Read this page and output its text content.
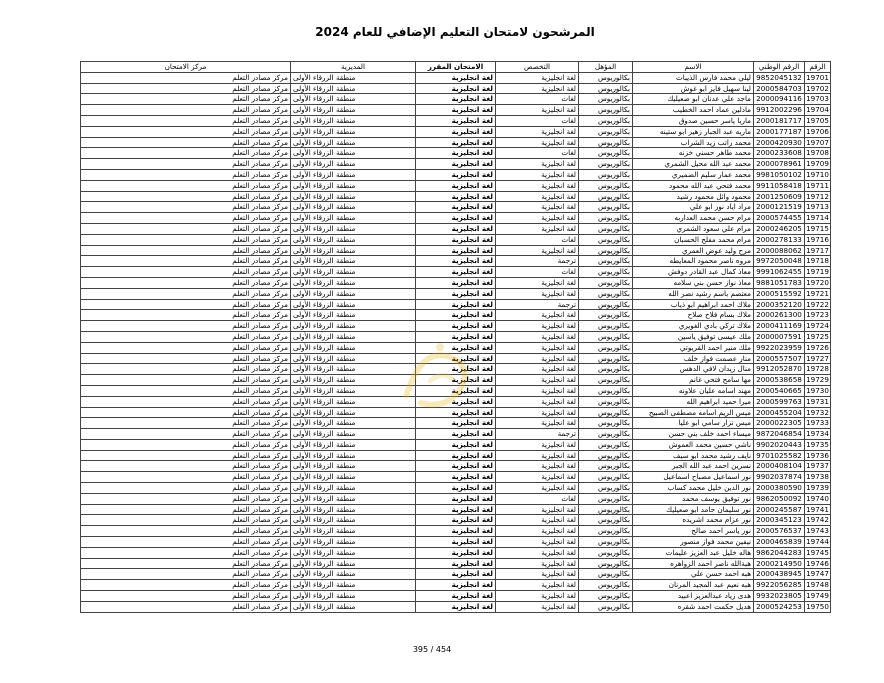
المرشحون لامتحان التعليم الإضافي للعام 2024
الرقم	الرقم الوطني	الاسم	المؤهل	التخصص	الامتحان المقرر	المديرية	مركز الامتحان
19701	9852045132	ليلي محمد فارس الذيبات	بكالوريوس	لغة انجليزية	لغة انجليزية	منطقة الزرقاء الأولى	مركز مصادر التعلم
19702	2000584703	لينا سهيل فايز ابو غوش	بكالوريوس	لغة انجليزية	لغة انجليزية	منطقة الزرقاء الأولى	مركز مصادر التعلم
19703	2000094116	ماجد علي عدنان ابو صعيليك	بكالوريوس	لغات	لغة انجليزية	منطقة الزرقاء الأولى	مركز مصادر التعلم
19704	9912002296	مادلين عماد احمد الخطيب	بكالوريوس	لغة انجليزية	لغة انجليزية	منطقة الزرقاء الأولى	مركز مصادر التعلم
19705	2000181717	ماريا ياسر حسين صدوق	بكالوريوس	لغات	لغة انجليزية	منطقة الزرقاء الأولى	مركز مصادر التعلم
19706	2000177187	ماريه عبد الجبار زهير ابو ستينه	بكالوريوس	لغة انجليزية	لغة انجليزية	منطقة الزرقاء الأولى	مركز مصادر التعلم
19707	2000420930	محمد راتب زيد الشراب	بكالوريوس	لغة انجليزية	لغة انجليزية	منطقة الزرقاء الأولى	مركز مصادر التعلم
19708	2000233608	محمد طاهر حسني خزنه	بكالوريوس	لغات	لغة انجليزية	منطقة الزرقاء الأولى	مركز مصادر التعلم
19709	2000078961	محمد عبد الله محيل الشمري	بكالوريوس	لغة انجليزية	لغة انجليزية	منطقة الزرقاء الأولى	مركز مصادر التعلم
19710	9981050102	محمد عمار سليم الضميري	بكالوريوس	لغة انجليزية	لغة انجليزية	منطقة الزرقاء الأولى	مركز مصادر التعلم
19711	9911058418	محمد فتحي عبد الله محمود	بكالوريوس	لغة انجليزية	لغة انجليزية	منطقة الزرقاء الأولى	مركز مصادر التعلم
19712	2001250609	محمود وائل محمود رشيد	بكالوريوس	لغة انجليزية	لغة انجليزية	منطقة الزرقاء الأولى	مركز مصادر التعلم
19713	2000121519	مراد اياد نور ابو علي	بكالوريوس	لغة انجليزية	لغة انجليزية	منطقة الزرقاء الأولى	مركز مصادر التعلم
19714	2000574455	مرام حسن محمد العداربه	بكالوريوس	لغة انجليزية	لغة انجليزية	منطقة الزرقاء الأولى	مركز مصادر التعلم
19715	2000246205	مرام علي سعود الشمري	بكالوريوس	لغة انجليزية	لغة انجليزية	منطقة الزرقاء الأولى	مركز مصادر التعلم
19716	2000278133	مرام محمد مفلح الحسبان	بكالوريوس	لغات	لغة انجليزية	منطقة الزرقاء الأولى	مركز مصادر التعلم
19717	2000088062	مرح وليد عوض العمري	بكالوريوس	لغة انجليزية	لغة انجليزية	منطقة الزرقاء الأولى	مركز مصادر التعلم
19718	9972050048	مروه ناصر محمود المعايطه	بكالوريوس	ترجمة	لغة انجليزية	منطقة الزرقاء الأولى	مركز مصادر التعلم
19719	9991062455	معاذ كمال عبد القادر دوفش	بكالوريوس	لغات	لغة انجليزية	منطقة الزرقاء الأولى	مركز مصادر التعلم
19720	9881051783	معاذ نواز حسن بني سلامه	بكالوريوس	لغة انجليزية	لغة انجليزية	منطقة الزرقاء الأولى	مركز مصادر التعلم
19721	2000515592	معتصم باسم رشيد نصر الله	بكالوريوس	لغة انجليزية	لغة انجليزية	منطقة الزرقاء الأولى	مركز مصادر التعلم
19722	2000352120	ملاك احمد ابراهيم ابو ذياب	بكالوريوس	ترجمة	لغة انجليزية	منطقة الزرقاء الأولى	مركز مصادر التعلم
19723	2000261300	ملاك بسام فلاح صلاح	بكالوريوس	لغة انجليزية	لغة انجليزية	منطقة الزرقاء الأولى	مركز مصادر التعلم
19724	2000411169	ملاك تركي بادي الغويري	بكالوريوس	لغة انجليزية	لغة انجليزية	منطقة الزرقاء الأولى	مركز مصادر التعلم
19725	2000007591	ملك عيسى توفيق ياسين	بكالوريوس	لغة انجليزية	لغة انجليزية	منطقة الزرقاء الأولى	مركز مصادر التعلم
19726	9922023959	ملك منير احمد القريوتي	بكالوريوس	لغة انجليزية	لغة انجليزية	منطقة الزرقاء الأولى	مركز مصادر التعلم
19727	2000557507	منار عصمت فواز خلف	بكالوريوس	لغة انجليزية	لغة انجليزية	منطقة الزرقاء الأولى	مركز مصادر التعلم
19728	9912052870	منال زيدان لافي الدهس	بكالوريوس	لغة انجليزية	لغة انجليزية	منطقة الزرقاء الأولى	مركز مصادر التعلم
19729	2000538658	مها سامح فتحي غانم	بكالوريوس	لغة انجليزية	لغة انجليزية	منطقة الزرقاء الأولى	مركز مصادر التعلم
19730	2000540665	مهند اسامه عليان علاونه	بكالوريوس	لغة انجليزية	لغة انجليزية	منطقة الزرقاء الأولى	مركز مصادر التعلم
19731	2000599763	ميرا حميد ابراهيم الله	بكالوريوس	لغة انجليزية	لغة انجليزية	منطقة الزرقاء الأولى	مركز مصادر التعلم
19732	2000455204	ميس الريم اسامه مصطفى الصبيح	بكالوريوس	لغة انجليزية	لغة انجليزية	منطقة الزرقاء الأولى	مركز مصادر التعلم
19733	2000022305	ميس نزار سامي ابو عليا	بكالوريوس	لغة انجليزية	لغة انجليزية	منطقة الزرقاء الأولى	مركز مصادر التعلم
19734	9872046854	ميساء احمد خلف بني حسن	بكالوريوس	ترجمة	لغة انجليزية	منطقة الزرقاء الأولى	مركز مصادر التعلم
19735	9902020443	ناشي حسين محمد العموش	بكالوريوس	لغة انجليزية	لغة انجليزية	منطقة الزرقاء الأولى	مركز مصادر التعلم
19736	9701025582	نايف رشيد محمد ابو سيف	بكالوريوس	لغة انجليزية	لغة انجليزية	منطقة الزرقاء الأولى	مركز مصادر التعلم
19737	2000408104	نسرين احمد عبد الله الجبر	بكالوريوس	لغة انجليزية	لغة انجليزية	منطقة الزرقاء الأولى	مركز مصادر التعلم
19738	9902037874	نور اسماعيل مصباح اسماعيل	بكالوريوس	لغة انجليزية	لغة انجليزية	منطقة الزرقاء الأولى	مركز مصادر التعلم
19739	2000380590	نور الدين خليل محمد كساب	بكالوريوس	لغة انجليزية	لغة انجليزية	منطقة الزرقاء الأولى	مركز مصادر التعلم
19740	9862050092	نور توفيق يوسف محمد	بكالوريوس	لغات	لغة انجليزية	منطقة الزرقاء الأولى	مركز مصادر التعلم
19741	2000245587	نور سليمان حامد ابو صعيليك	بكالوريوس	لغة انجليزية	لغة انجليزية	منطقة الزرقاء الأولى	مركز مصادر التعلم
19742	2000345123	نور عزام محمد اشريده	بكالوريوس	لغة انجليزية	لغة انجليزية	منطقة الزرقاء الأولى	مركز مصادر التعلم
19743	2000576537	نور ياسر احمد صالح	بكالوريوس	لغة انجليزية	لغة انجليزية	منطقة الزرقاء الأولى	مركز مصادر التعلم
19744	2000465839	نيفين محمد فواز منصور	بكالوريوس	لغة انجليزية	لغة انجليزية	منطقة الزرقاء الأولى	مركز مصادر التعلم
19745	9862044283	هاله خليل عبد العزيز عليمات	بكالوريوس	لغة انجليزية	لغة انجليزية	منطقة الزرقاء الأولى	مركز مصادر التعلم
19746	2000214950	هبةالله ناصر احمد الزواهره	بكالوريوس	لغة انجليزية	لغة انجليزية	منطقة الزرقاء الأولى	مركز مصادر التعلم
19747	2000438945	هبه احمد حسن علي	بكالوريوس	لغة انجليزية	لغة انجليزية	منطقة الزرقاء الأولى	مركز مصادر التعلم
19748	9922056285	هبه نعيم عبد المجيد المرنان	بكالوريوس	لغة انجليزية	لغة انجليزية	منطقة الزرقاء الأولى	مركز مصادر التعلم
19749	9932023805	هدى زياد عبدالعزيز اعبيد	بكالوريوس	لغة انجليزية	لغة انجليزية	منطقة الزرقاء الأولى	مركز مصادر التعلم
19750	2000524253	هديل حكمت احمد شقره	بكالوريوس	لغة انجليزية	لغة انجليزية	منطقة الزرقاء الأولى	مركز مصادر التعلم
395 / 454
